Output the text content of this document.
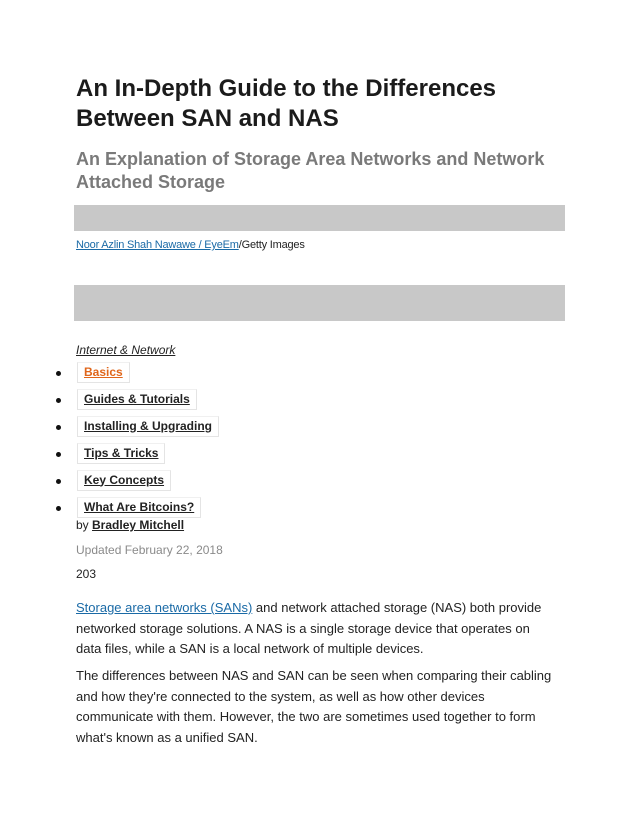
An In-Depth Guide to the Differences Between SAN and NAS
An Explanation of Storage Area Networks and Network Attached Storage
Noor Azlin Shah Nawawe / EyeEm/Getty Images
Internet & Network
Basics
Guides & Tutorials
Installing & Upgrading
Tips & Tricks
Key Concepts
What Are Bitcoins?
by Bradley Mitchell
Updated February 22, 2018
203

Storage area networks (SANs) and network attached storage (NAS) both provide networked storage solutions. A NAS is a single storage device that operates on data files, while a SAN is a local network of multiple devices.

The differences between NAS and SAN can be seen when comparing their cabling and how they're connected to the system, as well as how other devices communicate with them. However, the two are sometimes used together to form what's known as a unified SAN.
